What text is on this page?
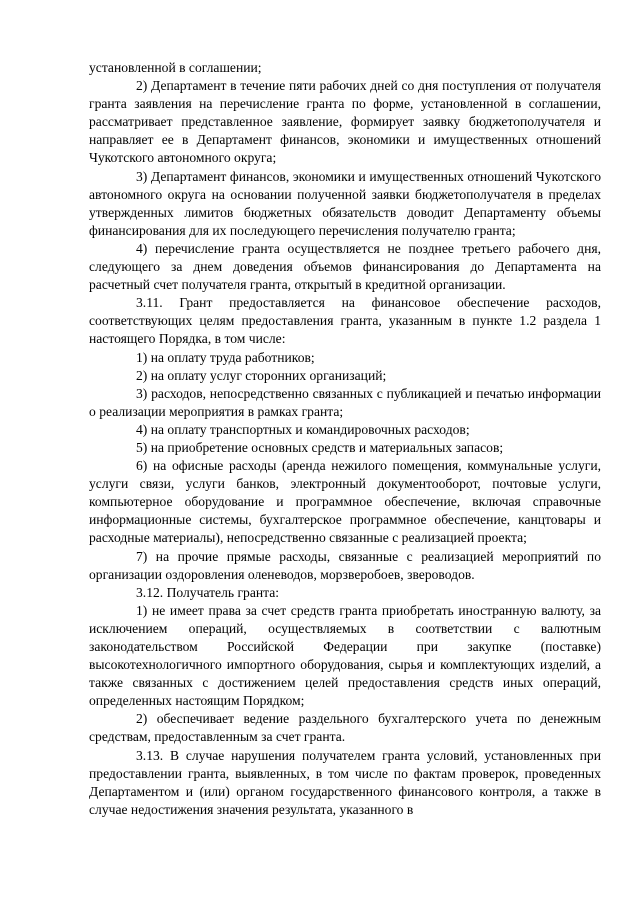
установленной в соглашении;

2) Департамент в течение пяти рабочих дней со дня поступления от получателя гранта заявления на перечисление гранта по форме, установленной в соглашении, рассматривает представленное заявление, формирует заявку бюджетополучателя и направляет ее в Департамент финансов, экономики и имущественных отношений Чукотского автономного округа;

3) Департамент финансов, экономики и имущественных отношений Чукотского автономного округа на основании полученной заявки бюджетополучателя в пределах утвержденных лимитов бюджетных обязательств доводит Департаменту объемы финансирования для их последующего перечисления получателю гранта;

4) перечисление гранта осуществляется не позднее третьего рабочего дня, следующего за днем доведения объемов финансирования до Департамента на расчетный счет получателя гранта, открытый в кредитной организации.

3.11. Грант предоставляется на финансовое обеспечение расходов, соответствующих целям предоставления гранта, указанным в пункте 1.2 раздела 1 настоящего Порядка, в том числе:

1) на оплату труда работников;

2) на оплату услуг сторонних организаций;

3) расходов, непосредственно связанных с публикацией и печатью информации о реализации мероприятия в рамках гранта;

4) на оплату транспортных и командировочных расходов;

5) на приобретение основных средств и материальных запасов;

6) на офисные расходы (аренда нежилого помещения, коммунальные услуги, услуги связи, услуги банков, электронный документооборот, почтовые услуги, компьютерное оборудование и программное обеспечение, включая справочные информационные системы, бухгалтерское программное обеспечение, канцтовары и расходные материалы), непосредственно связанные с реализацией проекта;

7) на прочие прямые расходы, связанные с реализацией мероприятий по организации оздоровления оленеводов, морзверобоев, звероводов.

3.12. Получатель гранта:

1) не имеет права за счет средств гранта приобретать иностранную валюту, за исключением операций, осуществляемых в соответствии с валютным законодательством Российской Федерации при закупке (поставке) высокотехнологичного импортного оборудования, сырья и комплектующих изделий, а также связанных с достижением целей предоставления средств иных операций, определенных настоящим Порядком;

2) обеспечивает ведение раздельного бухгалтерского учета по денежным средствам, предоставленным за счет гранта.

3.13. В случае нарушения получателем гранта условий, установленных при предоставлении гранта, выявленных, в том числе по фактам проверок, проведенных Департаментом и (или) органом государственного финансового контроля, а также в случае недостижения значения результата, указанного в
